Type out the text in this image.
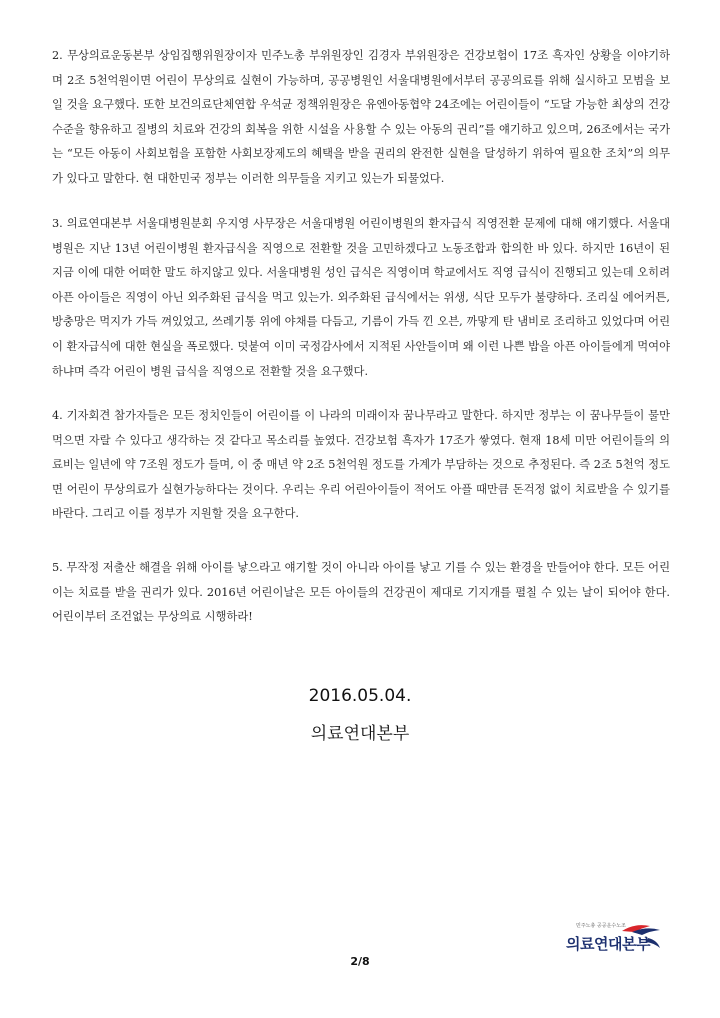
2. 무상의료운동본부 상임집행위원장이자 민주노총 부위원장인 김경자 부위원장은 건강보험이 17조 흑자인 상황을 이야기하며 2조 5천억원이면 어린이 무상의료 실현이 가능하며, 공공병원인 서울대병원에서부터 공공의료를 위해 실시하고 모범을 보일 것을 요구했다. 또한 보건의료단체연합 우석균 정책위원장은 유엔아동협약 24조에는 어린이들이 “도달 가능한 최상의 건강수준을 향유하고 질병의 치료와 건강의 회복을 위한 시설을 사용할 수 있는 아동의 권리”를 얘기하고 있으며, 26조에서는 국가는 “모든 아동이 사회보험을 포함한 사회보장제도의 혜택을 받을 권리의 완전한 실현을 달성하기 위하여 필요한 조치”의 의무가 있다고 말한다. 현 대한민국 정부는 이러한 의무들을 지키고 있는가 되물었다.

3. 의료연대본부 서울대병원분회 우지영 사무장은 서울대병원 어린이병원의 환자급식 직영전환 문제에 대해 얘기했다. 서울대병원은 지난 13년 어린이병원 환자급식을 직영으로 전환할 것을 고민하겠다고 노동조합과 합의한 바 있다. 하지만 16년이 된 지금 이에 대한 어떠한 말도 하지않고 있다. 서울대병원 성인 급식은 직영이며 학교에서도 직영 급식이 진행되고 있는데 오히려 아픈 아이들은 직영이 아닌 외주화된 급식을 먹고 있는가. 외주화된 급식에서는 위생, 식단 모두가 불량하다. 조리실 에어커튼, 방충망은 먹지가 가득 껴있었고, 쓰레기통 위에 야채를 다듬고, 기름이 가득 낀 오븐, 까맣게 탄 냄비로 조리하고 있었다며 어린이 환자급식에 대한 현실을 폭로했다. 덧붙여 이미 국정감사에서 지적된 사안들이며 왜 이런 나쁜 밥을 아픈 아이들에게 먹여야하냐며 즉각 어린이 병원 급식을 직영으로 전환할 것을 요구했다.

4. 기자회견 참가자들은 모든 정치인들이 어린이를 이 나라의 미래이자 꿈나무라고 말한다. 하지만 정부는 이 꿈나무들이 물만 먹으면 자랄 수 있다고 생각하는 것 같다고 목소리를 높였다. 건강보험 흑자가 17조가 쌓였다. 현재 18세 미만 어린이들의 의료비는 일년에 약 7조원 정도가 들며, 이 중 매년 약 2조 5천억원 정도를 가계가 부담하는 것으로 추정된다. 즉 2조 5천억 정도면 어린이 무상의료가 실현가능하다는 것이다. 우리는 우리 어린아이들이 적어도 아플 때만큼 돈걱정 없이 치료받을 수 있기를 바란다. 그리고 이를 정부가 지원할 것을 요구한다.

5. 무작정 저출산 해결을 위해 아이를 낳으라고 얘기할 것이 아니라 아이를 낳고 기를 수 있는 환경을 만들어야 한다. 모든 어린이는 치료를 받을 권리가 있다. 2016년 어린이날은 모든 아이들의 건강권이 제대로 기지개를 펼칠 수 있는 날이 되어야 한다. 어린이부터 조건없는 무상의료 시행하라!

2016.05.04.
의료연대본부
민주노총 공공운수노조
의료연대본부
2/8
